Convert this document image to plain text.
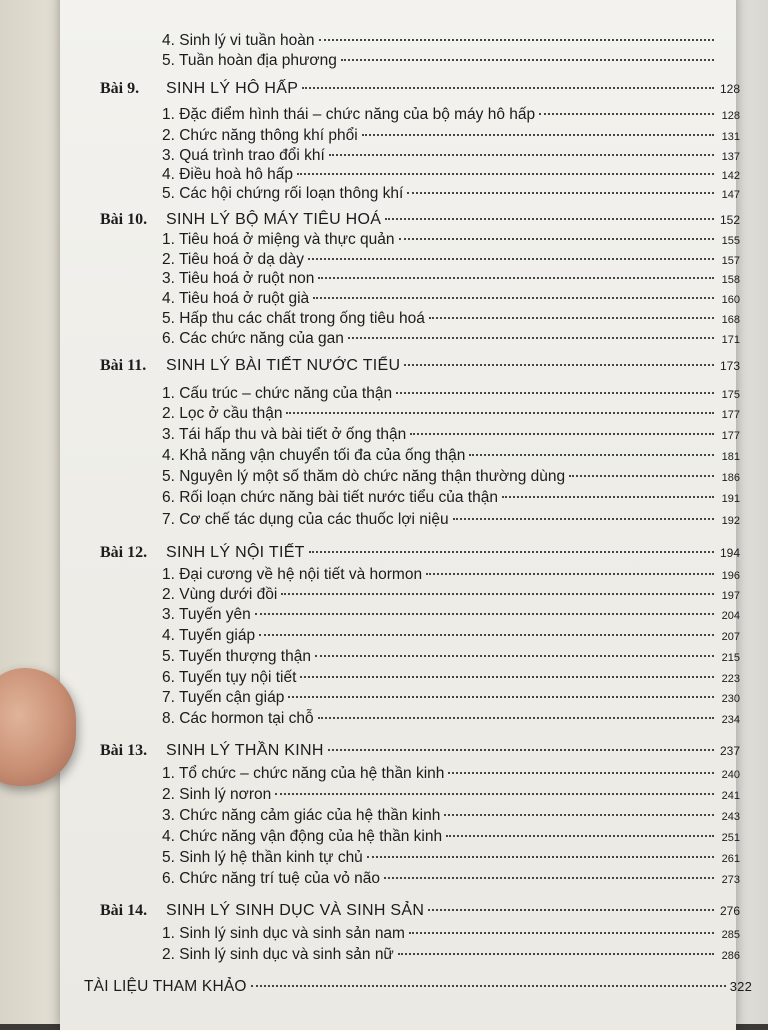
4. Sinh lý vi tuần hoàn
5. Tuần hoàn địa phương
Bài 9.	SINH LÝ HÔ HẤP	128
1. Đặc điểm hình thái – chức năng của bộ máy hô hấp	128
2. Chức năng thông khí phổi	131
3. Quá trình trao đổi khí	137
4. Điều hoà hô hấp	142
5. Các hội chứng rối loạn thông khí	147
Bài 10.	SINH LÝ BỘ MÁY TIÊU HOÁ	152
1. Tiêu hoá ở miệng và thực quản	155
2. Tiêu hoá ở dạ dày	157
3. Tiêu hoá ở ruột non	158
4. Tiêu hoá ở ruột già	160
5. Hấp thu các chất trong ống tiêu hoá	168
6. Các chức năng của gan	171
Bài 11.	SINH LÝ BÀI TIẾT NƯỚC TIỂU	173
1. Cấu trúc – chức năng của thận	175
2. Lọc ở cầu thận	177
3. Tái hấp thu và bài tiết ở ống thận	177
4. Khả năng vận chuyển tối đa của ống thận	181
5. Nguyên lý một số thăm dò chức năng thận thường dùng	186
6. Rối loạn chức năng bài tiết nước tiểu của thận	191
7. Cơ chế tác dụng của các thuốc lợi niệu	192
Bài 12.	SINH LÝ NỘI TIẾT	194
1. Đại cương về hệ nội tiết và hormon	196
2. Vùng dưới đồi	197
3. Tuyến yên	204
4. Tuyến giáp	207
5. Tuyến thượng thận	215
6. Tuyến tụy nội tiết	223
7. Tuyến cận giáp	230
8. Các hormon tại chỗ	234
Bài 13.	SINH LÝ THẦN KINH	237
1. Tổ chức – chức năng của hệ thần kinh	240
2. Sinh lý nơron	241
3. Chức năng cảm giác của hệ thần kinh	243
4. Chức năng vận động của hệ thần kinh	251
5. Sinh lý hệ thần kinh tự chủ	261
6. Chức năng trí tuệ của vỏ não	273
Bài 14.	SINH LÝ SINH DỤC VÀ SINH SẢN	276
1. Sinh lý sinh dục và sinh sản nam	285
2. Sinh lý sinh dục và sinh sản nữ	286
TÀI LIỆU THAM KHẢO	322
